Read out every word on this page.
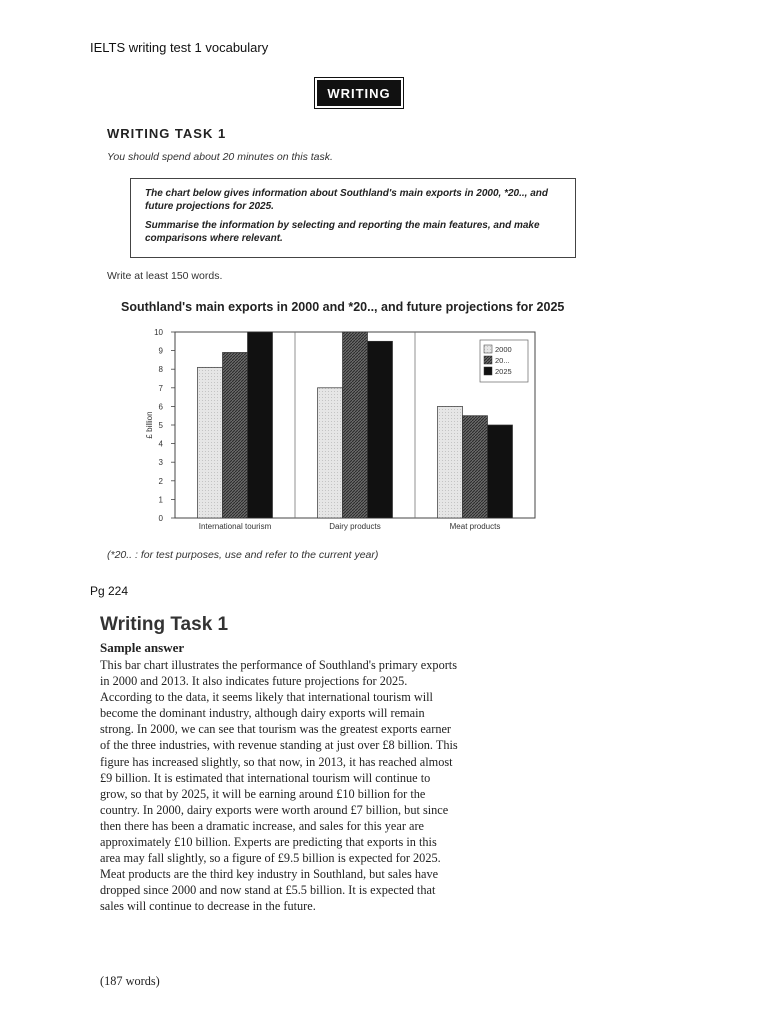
IELTS writing test 1 vocabulary
WRITING
WRITING TASK 1
You should spend about 20 minutes on this task.

The chart below gives information about Southland's main exports in 2000, *20.., and future projections for 2025.

Summarise the information by selecting and reporting the main features, and make comparisons where relevant.

Write at least 150 words.
Southland's main exports in 2000 and *20.., and future projections for 2025
0
1
2
3
4
5
6
7
8
9
10
£ billion
International tourism	Dairy products	Meat products
2000
20...
2025
(*20.. : for test purposes, use and refer to the current year)
Pg 224
Writing Task 1
Sample answer

This bar chart illustrates the performance of Southland's primary exports in 2000 and 2013. It also indicates future projections for 2025. According to the data, it seems likely that international tourism will become the dominant industry, although dairy exports will remain strong. In 2000, we can see that tourism was the greatest exports earner of the three industries, with revenue standing at just over £8 billion. This figure has increased slightly, so that now, in 2013, it has reached almost £9 billion. It is estimated that international tourism will continue to grow, so that by 2025, it will be earning around £10 billion for the country. In 2000, dairy exports were worth around £7 billion, but since then there has been a dramatic increase, and sales for this year are approximately £10 billion. Experts are predicting that exports in this area may fall slightly, so a figure of £9.5 billion is expected for 2025. Meat products are the third key industry in Southland, but sales have dropped since 2000 and now stand at £5.5 billion. It is expected that sales will continue to decrease in the future.

(187 words)
